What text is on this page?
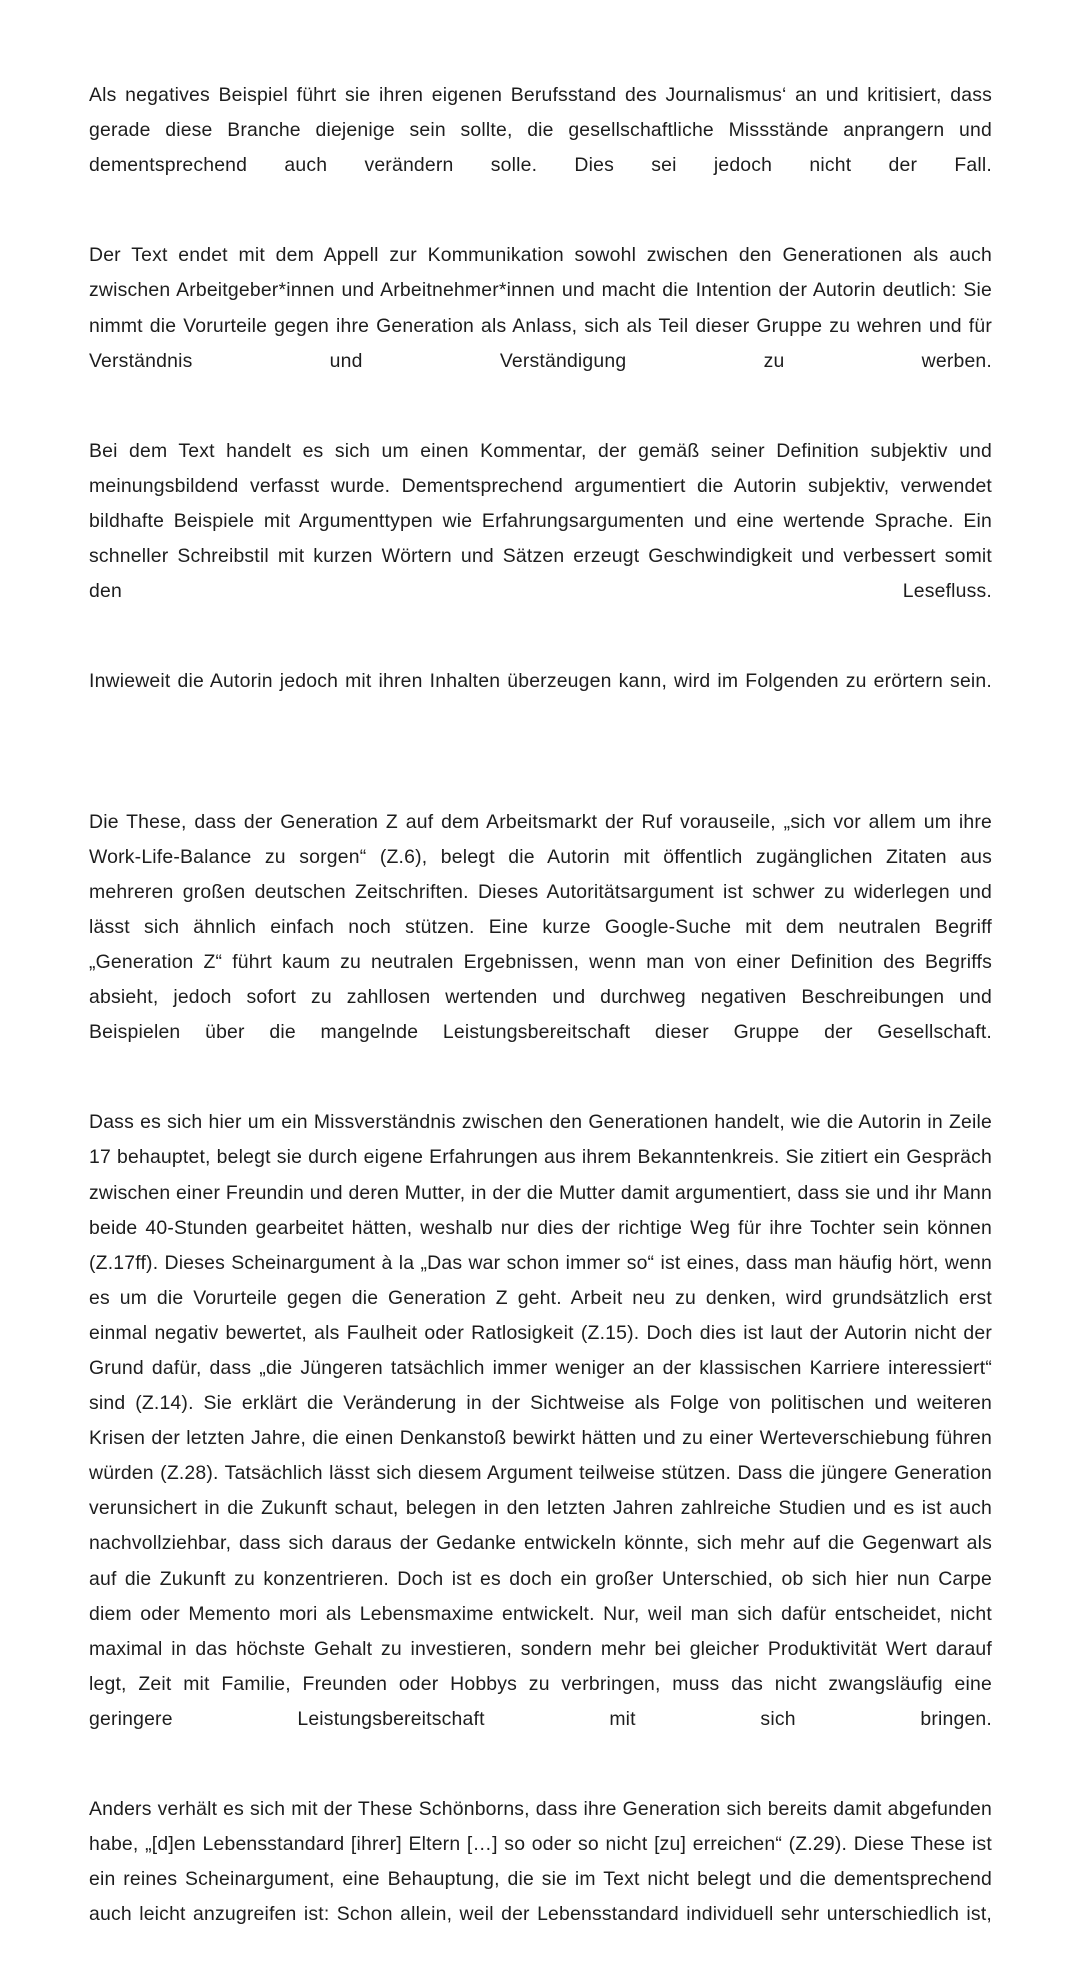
Als negatives Beispiel führt sie ihren eigenen Berufsstand des Journalismus‘ an und kritisiert, dass gerade diese Branche diejenige sein sollte, die gesellschaftliche Missstände anprangern und dementsprechend auch verändern solle. Dies sei jedoch nicht der Fall.

Der Text endet mit dem Appell zur Kommunikation sowohl zwischen den Generationen als auch zwischen Arbeitgeber*innen und Arbeitnehmer*innen und macht die Intention der Autorin deutlich: Sie nimmt die Vorurteile gegen ihre Generation als Anlass, sich als Teil dieser Gruppe zu wehren und für Verständnis und Verständigung zu werben.

Bei dem Text handelt es sich um einen Kommentar, der gemäß seiner Definition subjektiv und meinungsbildend verfasst wurde. Dementsprechend argumentiert die Autorin subjektiv, verwendet bildhafte Beispiele mit Argumenttypen wie Erfahrungsargumenten und eine wertende Sprache. Ein schneller Schreibstil mit kurzen Wörtern und Sätzen erzeugt Geschwindigkeit und verbessert somit den Lesefluss.

Inwieweit die Autorin jedoch mit ihren Inhalten überzeugen kann, wird im Folgenden zu erörtern sein.

Die These, dass der Generation Z auf dem Arbeitsmarkt der Ruf vorauseile, „sich vor allem um ihre Work-Life-Balance zu sorgen“ (Z.6), belegt die Autorin mit öffentlich zugänglichen Zitaten aus mehreren großen deutschen Zeitschriften. Dieses Autoritätsargument ist schwer zu widerlegen und lässt sich ähnlich einfach noch stützen. Eine kurze Google-Suche mit dem neutralen Begriff „Generation Z“ führt kaum zu neutralen Ergebnissen, wenn man von einer Definition des Begriffs absieht, jedoch sofort zu zahllosen wertenden und durchweg negativen Beschreibungen und Beispielen über die mangelnde Leistungsbereitschaft dieser Gruppe der Gesellschaft.

Dass es sich hier um ein Missverständnis zwischen den Generationen handelt, wie die Autorin in Zeile 17 behauptet, belegt sie durch eigene Erfahrungen aus ihrem Bekanntenkreis. Sie zitiert ein Gespräch zwischen einer Freundin und deren Mutter, in der die Mutter damit argumentiert, dass sie und ihr Mann beide 40-Stunden gearbeitet hätten, weshalb nur dies der richtige Weg für ihre Tochter sein können (Z.17ff). Dieses Scheinargument à la „Das war schon immer so“ ist eines, dass man häufig hört, wenn es um die Vorurteile gegen die Generation Z geht. Arbeit neu zu denken, wird grundsätzlich erst einmal negativ bewertet, als Faulheit oder Ratlosigkeit (Z.15). Doch dies ist laut der Autorin nicht der Grund dafür, dass „die Jüngeren tatsächlich immer weniger an der klassischen Karriere interessiert“ sind (Z.14). Sie erklärt die Veränderung in der Sichtweise als Folge von politischen und weiteren Krisen der letzten Jahre, die einen Denkanstoß bewirkt hätten und zu einer Werteverschiebung führen würden (Z.28). Tatsächlich lässt sich diesem Argument teilweise stützen. Dass die jüngere Generation verunsichert in die Zukunft schaut, belegen in den letzten Jahren zahlreiche Studien und es ist auch nachvollziehbar, dass sich daraus der Gedanke entwickeln könnte, sich mehr auf die Gegenwart als auf die Zukunft zu konzentrieren. Doch ist es doch ein großer Unterschied, ob sich hier nun Carpe diem oder Memento mori als Lebensmaxime entwickelt. Nur, weil man sich dafür entscheidet, nicht maximal in das höchste Gehalt zu investieren, sondern mehr bei gleicher Produktivität Wert darauf legt, Zeit mit Familie, Freunden oder Hobbys zu verbringen, muss das nicht zwangsläufig eine geringere Leistungsbereitschaft mit sich bringen.

Anders verhält es sich mit der These Schönborns, dass ihre Generation sich bereits damit abgefunden habe, „[d]en Lebensstandard [ihrer] Eltern […] so oder so nicht [zu] erreichen“ (Z.29). Diese These ist ein reines Scheinargument, eine Behauptung, die sie im Text nicht belegt und die dementsprechend auch leicht anzugreifen ist: Schon allein, weil der Lebensstandard individuell sehr unterschiedlich ist,
